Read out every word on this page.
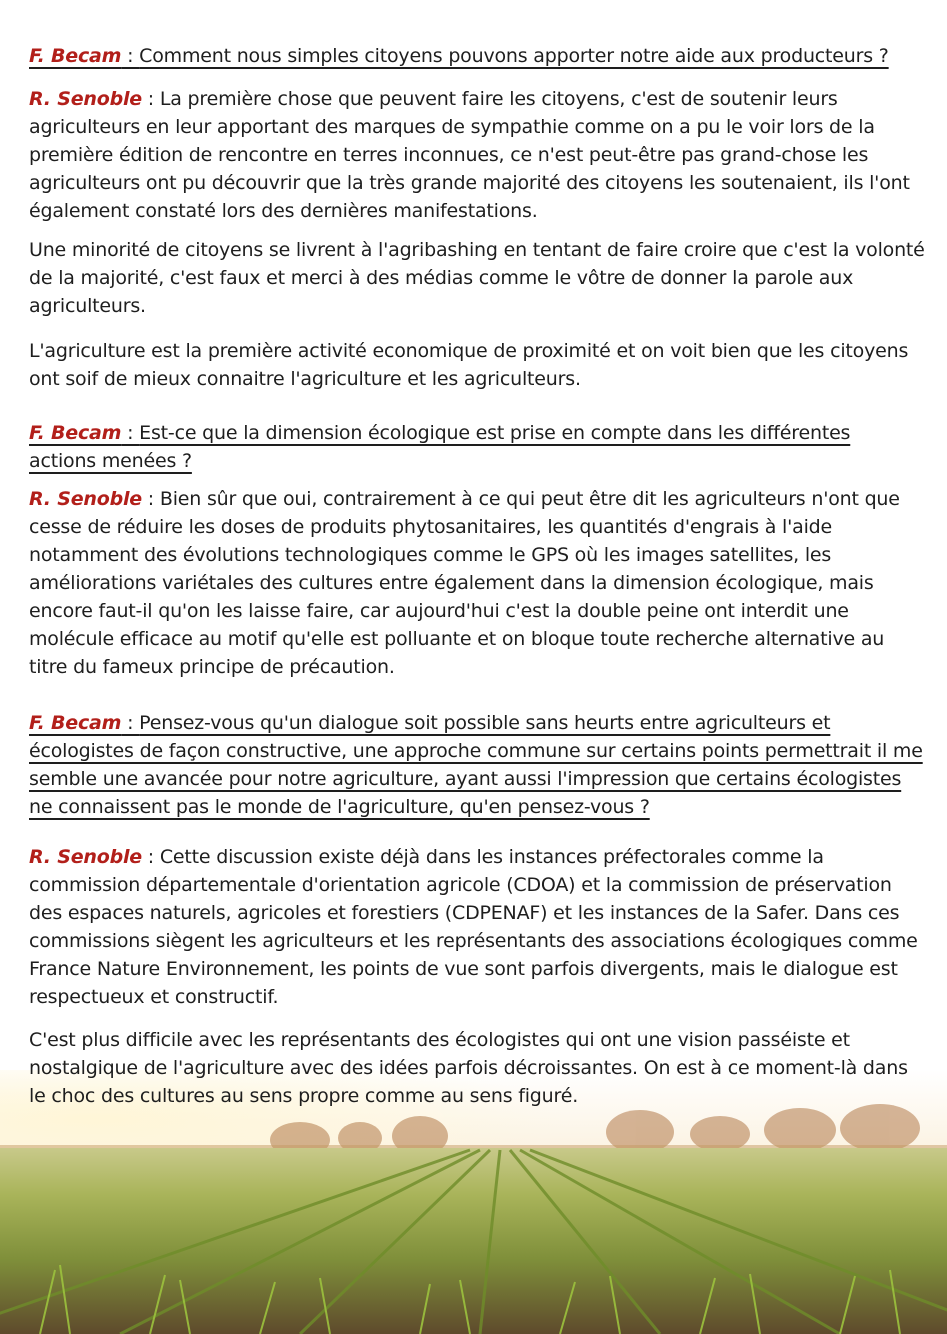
F. Becam : Comment nous simples citoyens pouvons apporter notre aide aux producteurs ?

R. Senoble : La première chose que peuvent faire les citoyens, c'est de soutenir leurs agriculteurs en leur apportant des marques de sympathie comme on a pu le voir lors de la première édition de rencontre en terres inconnues, ce n'est peut-être pas grand-chose les agriculteurs ont pu découvrir que la très grande majorité des citoyens les soutenaient, ils l'ont également constaté lors des dernières manifestations.

Une minorité de citoyens se livrent à l'agribashing en tentant de faire croire que c'est la volonté de la majorité, c'est faux et merci à des médias comme le vôtre de donner la parole aux agriculteurs.
L'agriculture est la première activité economique de proximité et on voit bien que les citoyens ont soif de mieux connaitre l'agriculture et les agriculteurs.
F. Becam : Est-ce que la dimension écologique est prise en compte dans les différentes actions menées ?

R. Senoble : Bien sûr que oui, contrairement à ce qui peut être dit les agriculteurs n'ont que cesse de réduire les doses de produits phytosanitaires, les quantités d'engrais à l'aide notamment des évolutions technologiques comme le GPS où les images satellites, les améliorations variétales des cultures entre également dans la dimension écologique, mais encore faut-il qu'on les laisse faire, car aujourd'hui c'est la double peine ont interdit une molécule efficace au motif qu'elle est polluante et on bloque toute recherche alternative au titre du fameux principe de précaution.

F. Becam : Pensez-vous qu'un dialogue soit possible sans heurts entre agriculteurs et écologistes de façon constructive, une approche commune sur certains points permettrait il me semble une avancée pour notre agriculture, ayant aussi l'impression que certains écologistes ne connaissent pas le monde de l'agriculture, qu'en pensez-vous ?

R. Senoble : Cette discussion existe déjà dans les instances préfectorales comme la commission départementale d'orientation agricole (CDOA) et la commission de préservation des espaces naturels, agricoles et forestiers (CDPENAF) et les instances de la Safer. Dans ces commissions siègent les agriculteurs et les représentants des associations écologiques comme France Nature Environnement, les points de vue sont parfois divergents, mais le dialogue est respectueux et constructif.

C'est plus difficile avec les représentants des écologistes qui ont une vision passéiste et nostalgique de l'agriculture avec des idées parfois décroissantes. On est à ce moment-là dans le choc des cultures au sens propre comme au sens figuré.
